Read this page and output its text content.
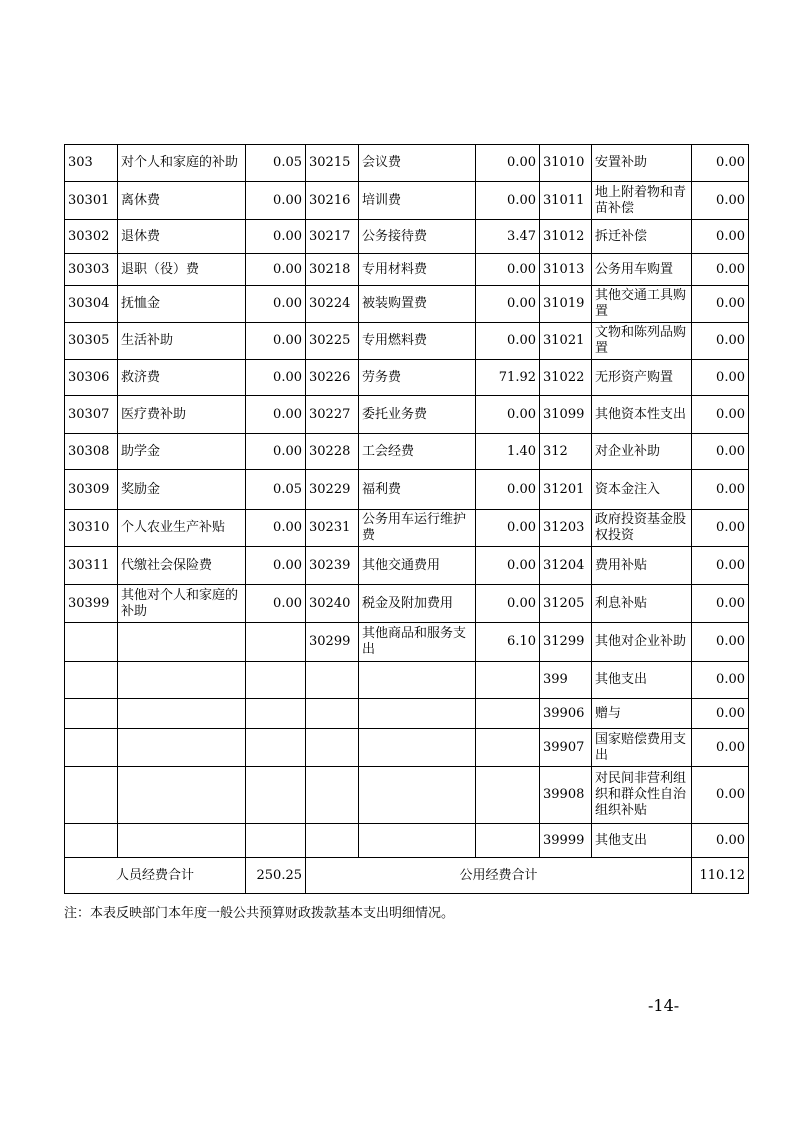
303	对个人和家庭的补助	0.05	30215	会议费	0.00	31010	安置补助	0.00
30301	离休费	0.00	30216	培训费	0.00	31011	地上附着物和青苗补偿	0.00
30302	退休费	0.00	30217	公务接待费	3.47	31012	拆迁补偿	0.00
30303	退职（役）费	0.00	30218	专用材料费	0.00	31013	公务用车购置	0.00
30304	抚恤金	0.00	30224	被装购置费	0.00	31019	其他交通工具购置	0.00
30305	生活补助	0.00	30225	专用燃料费	0.00	31021	文物和陈列品购置	0.00
30306	救济费	0.00	30226	劳务费	71.92	31022	无形资产购置	0.00
30307	医疗费补助	0.00	30227	委托业务费	0.00	31099	其他资本性支出	0.00
30308	助学金	0.00	30228	工会经费	1.40	312	对企业补助	0.00
30309	奖励金	0.05	30229	福利费	0.00	31201	资本金注入	0.00
30310	个人农业生产补贴	0.00	30231	公务用车运行维护费	0.00	31203	政府投资基金股权投资	0.00
30311	代缴社会保险费	0.00	30239	其他交通费用	0.00	31204	费用补贴	0.00
30399	其他对个人和家庭的补助	0.00	30240	税金及附加费用	0.00	31205	利息补贴	0.00
			30299	其他商品和服务支出	6.10	31299	其他对企业补助	0.00
						399	其他支出	0.00
						39906	赠与	0.00
						39907	国家赔偿费用支出	0.00
						39908	对民间非营利组织和群众性自治组织补贴	0.00
						39999	其他支出	0.00
人员经费合计		250.25	公用经费合计					110.12
注：本表反映部门本年度一般公共预算财政拨款基本支出明细情况。
-14-
